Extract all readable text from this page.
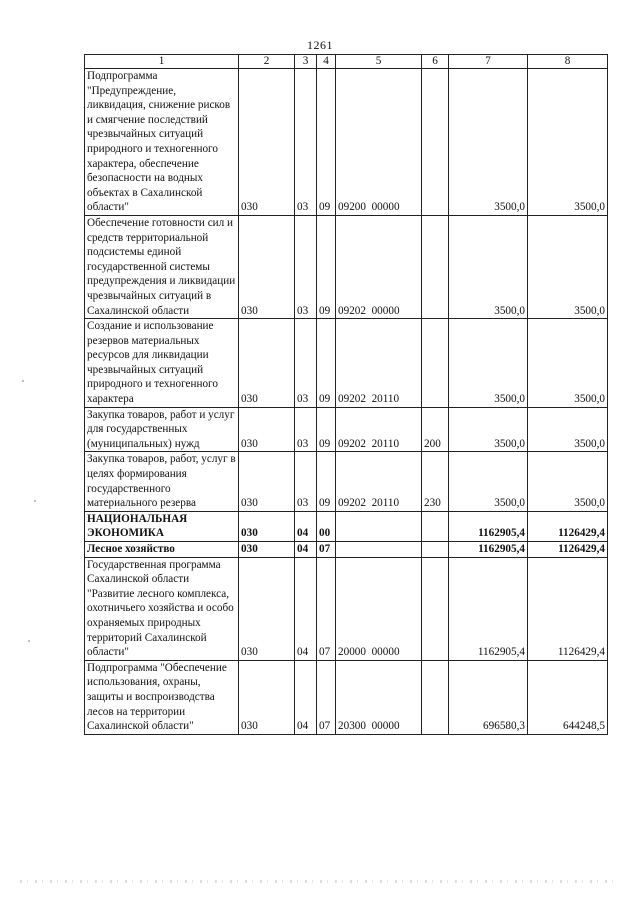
1261
1	2	3	4	5	6	7	8
Подпрограмма "Предупреждение, ликвидация, снижение рисков и смягчение последствий чрезвычайных ситуаций природного и техногенного характера, обеспечение безопасности на водных объектах в Сахалинской области"	030	03	09	09200  00000		3500,0	3500,0
Обеспечение готовности сил и средств территориальной подсистемы единой государственной системы предупреждения и ликвидации чрезвычайных ситуаций в Сахалинской области	030	03	09	09202  00000		3500,0	3500,0
Создание и использование резервов материальных ресурсов для ликвидации чрезвычайных ситуаций природного и техногенного характера	030	03	09	09202  20110		3500,0	3500,0
Закупка товаров, работ и услуг для государственных (муниципальных) нужд	030	03	09	09202  20110	200	3500,0	3500,0
Закупка товаров, работ, услуг в целях формирования государственного материального резерва	030	03	09	09202  20110	230	3500,0	3500,0
НАЦИОНАЛЬНАЯ ЭКОНОМИКА	030	04	00			1162905,4	1126429,4
Лесное хозяйство	030	04	07			1162905,4	1126429,4
Государственная программа Сахалинской области "Развитие лесного комплекса, охотничьего хозяйства и особо охраняемых природных территорий Сахалинской области"	030	04	07	20000  00000		1162905,4	1126429,4
Подпрограмма "Обеспечение использования, охраны, защиты и воспроизводства лесов на территории Сахалинской области"	030	04	07	20300  00000		696580,3	644248,5
